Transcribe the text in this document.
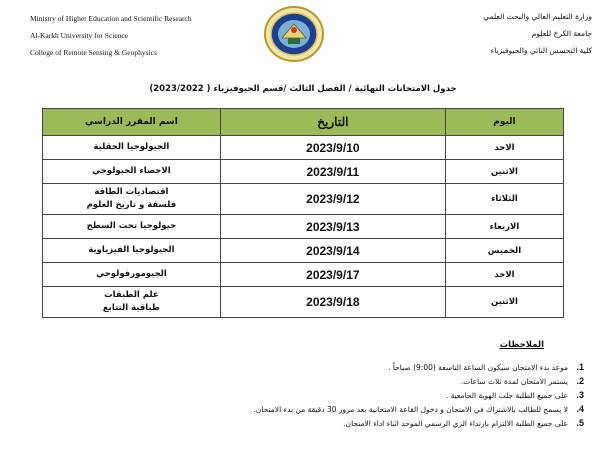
Ministry of Higher Education and Scientific Research
Al-Karkh University for Science
College of Remote Sensing & Geophysics
وزارة التعليم العالي والبحث العلمي
جامعة الكرخ للعلوم
كلية التحسس النائي والجيوفيزياء
جدول الامتحانات النهائية / الفصل الثالث /قسم الجيوفيزياء ( 2023/2022)
اسم المقرر الدراسي	التاريخ	اليوم

الجيولوجيا الحقلية	2023/9/10	الاحد

الاحصاء الجيولوجي	2023/9/11	الاثنين

اقتصاديات الطاقة
فلسفة و تاريخ العلوم	2023/9/12	الثلاثاء

جيولوجيا تحت السطح	2023/9/13	الاربعاء

الجيولوجيا الفيزياوية	2023/9/14	الخميس

الجيومورفولوجي	2023/9/17	الاحد

علم الطبقات
طباقية التتابع	2023/9/18	الاثنين
الملاحظات
1.موعد بدء الامتحان سيكون الساعة التاسعة (9:00) صباحاً .
2.يستمر الامتحان لمدة ثلاث ساعات.
3.على جميع الطلبة جلب الهوية الجامعية .
4.لا يسمح للطالب بالاشتراك في الامتحان و دخول القاعة الامتحانية بعد مرور 30 دقيقة من بدء الامتحان.
5.على جميع الطلبة الالتزام بارتداء الزي الرسمي الموحد اثناء اداء الامتحان.
